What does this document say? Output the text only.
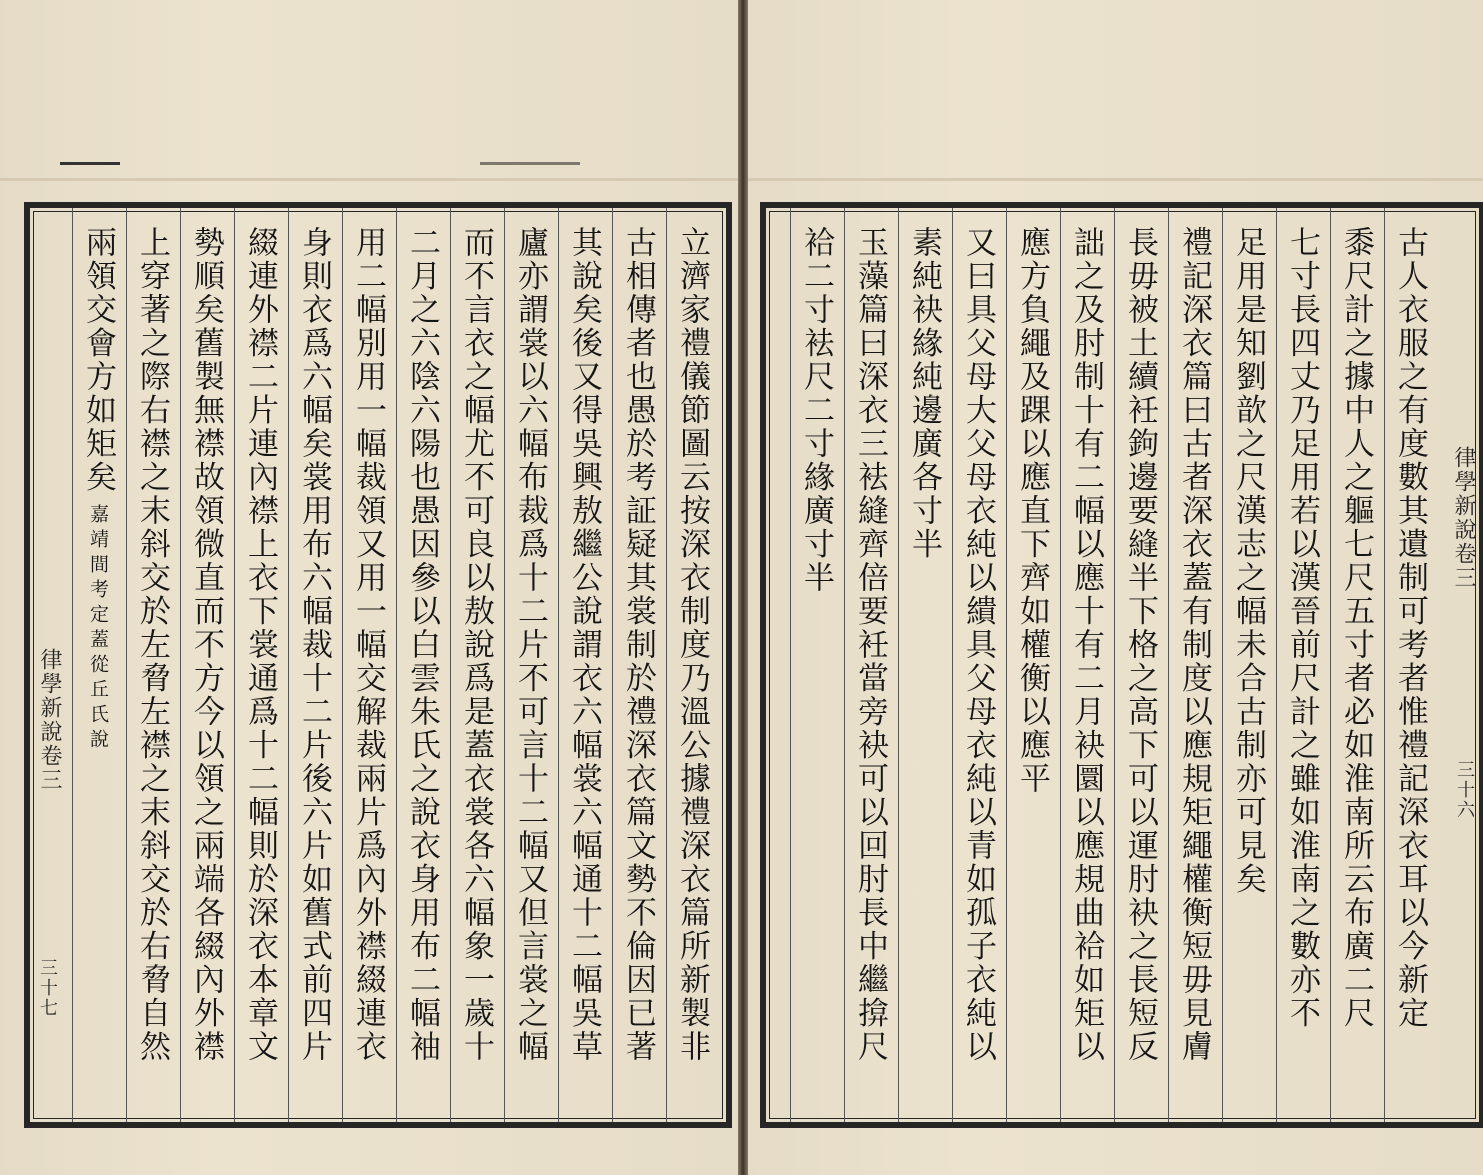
立濟家禮儀節圖云按深衣制度乃溫公據禮深衣篇所新製非
古相傳者也愚於考証疑其裳制於禮深衣篇文勢不倫因已著
其說矣後又得吳興敖繼公說謂衣六幅裳六幅通十二幅吳草
廬亦謂裳以六幅布裁爲十二片不可言十二幅又但言裳之幅
而不言衣之幅尤不可良以敖說爲是蓋衣裳各六幅象一歲十
二月之六陰六陽也愚因參以白雲朱氏之說衣身用布二幅袖
用二幅別用一幅裁領又用一幅交解裁兩片爲內外襟綴連衣
身則衣爲六幅矣裳用布六幅裁十二片後六片如舊式前四片
綴連外襟二片連內襟上衣下裳通爲十二幅則於深衣本章文
勢順矣舊製無襟故領微直而不方今以領之兩端各綴內外襟
上穿著之際右襟之末斜交於左脅左襟之末斜交於右脅自然
兩領交會方如矩矣
嘉靖間考定蓋從丘氏說
律學新說卷三
三十七	古人衣服之有度數其遺制可考者惟禮記深衣耳以今新定
黍尺計之據中人之軀七尺五寸者必如淮南所云布廣二尺
七寸長四丈乃足用若以漢晉前尺計之雖如淮南之數亦不
足用是知劉歆之尺漢志之幅未合古制亦可見矣
禮記深衣篇曰古者深衣蓋有制度以應規矩繩權衡短毋見膚
長毋被土續衽鉤邊要縫半下格之高下可以運肘袂之長短反
詘之及肘制十有二幅以應十有二月袂圜以應規曲袷如矩以
應方負繩及踝以應直下齊如權衡以應平
又曰具父母大父母衣純以繢具父母衣純以青如孤子衣純以
素純袂緣純邊廣各寸半
玉藻篇曰深衣三袪縫齊倍要衽當旁袂可以回肘長中繼揜尺
袷二寸袪尺二寸緣廣寸半	律學新說卷三
三十六
